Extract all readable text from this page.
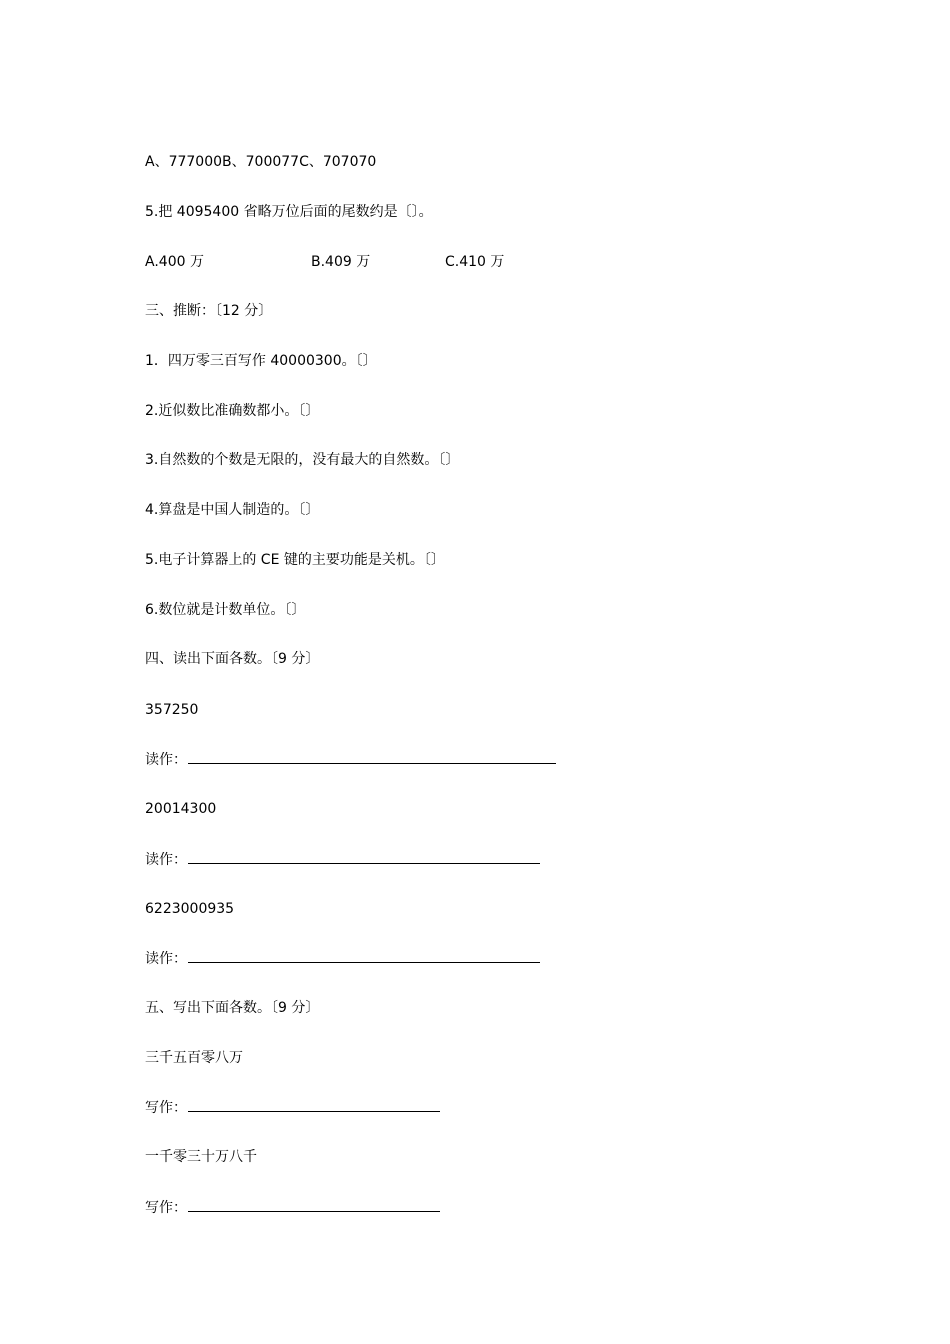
A、777000B、700077C、707070
5.把 4095400 省略万位后面的尾数约是〔〕。
A.400 万	B.409 万	C.410 万
三、推断：〔12 分〕
1．四万零三百写作 40000300。〔〕
2.近似数比准确数都小。〔〕
3.自然数的个数是无限的，没有最大的自然数。〔〕
4.算盘是中国人制造的。〔〕
5.电子计算器上的 CE 键的主要功能是关机。〔〕
6.数位就是计数单位。〔〕
四、读出下面各数。〔9 分〕
357250
读作：
20014300
读作：
6223000935
读作：
五、写出下面各数。〔9 分〕
三千五百零八万
写作：
一千零三十万八千
写作：
